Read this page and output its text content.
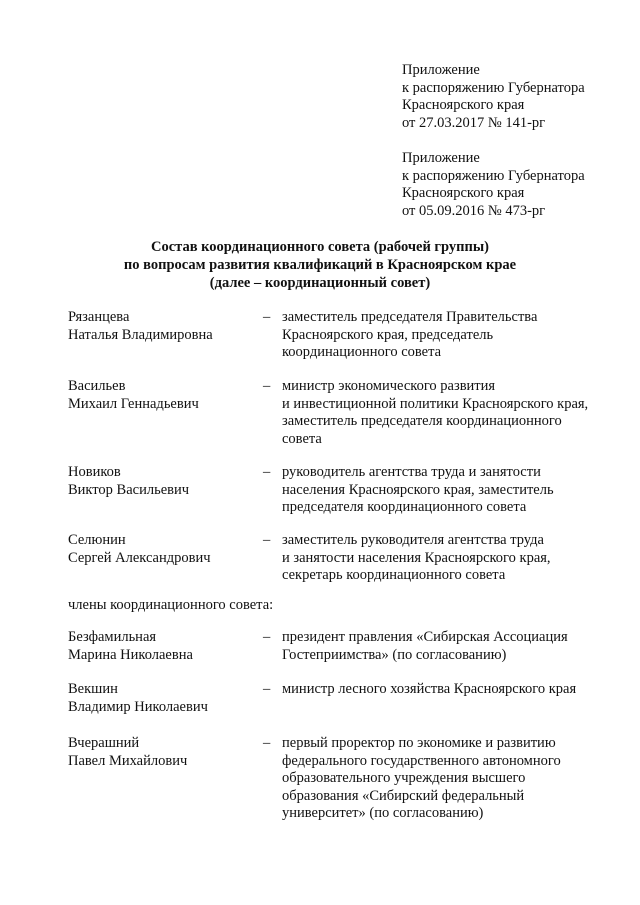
Приложение
к распоряжению Губернатора
Красноярского края
от 27.03.2017 № 141-рг
Приложение
к распоряжению Губернатора
Красноярского края
от 05.09.2016 № 473-рг
Состав координационного совета (рабочей группы)
по вопросам развития квалификаций в Красноярском крае
(далее – координационный совет)
Рязанцева
Наталья Владимировна
– заместитель председателя Правительства
Красноярского края, председатель
координационного совета
Васильев
Михаил Геннадьевич
– министр экономического развития
и инвестиционной политики Красноярского края,
заместитель председателя координационного
совета
Новиков
Виктор Васильевич
– руководитель агентства труда и занятости
населения Красноярского края, заместитель
председателя координационного совета
Селюнин
Сергей Александрович
– заместитель руководителя агентства труда
и занятости населения Красноярского края,
секретарь координационного совета
члены координационного совета:
Безфамильная
Марина Николаевна
– президент правления «Сибирская Ассоциация
Гостеприимства» (по согласованию)
Векшин
Владимир Николаевич
– министр лесного хозяйства Красноярского края
Вчерашний
Павел Михайлович
– первый проректор по экономике и развитию
федерального государственного автономного
образовательного учреждения высшего
образования «Сибирский федеральный
университет» (по согласованию)
